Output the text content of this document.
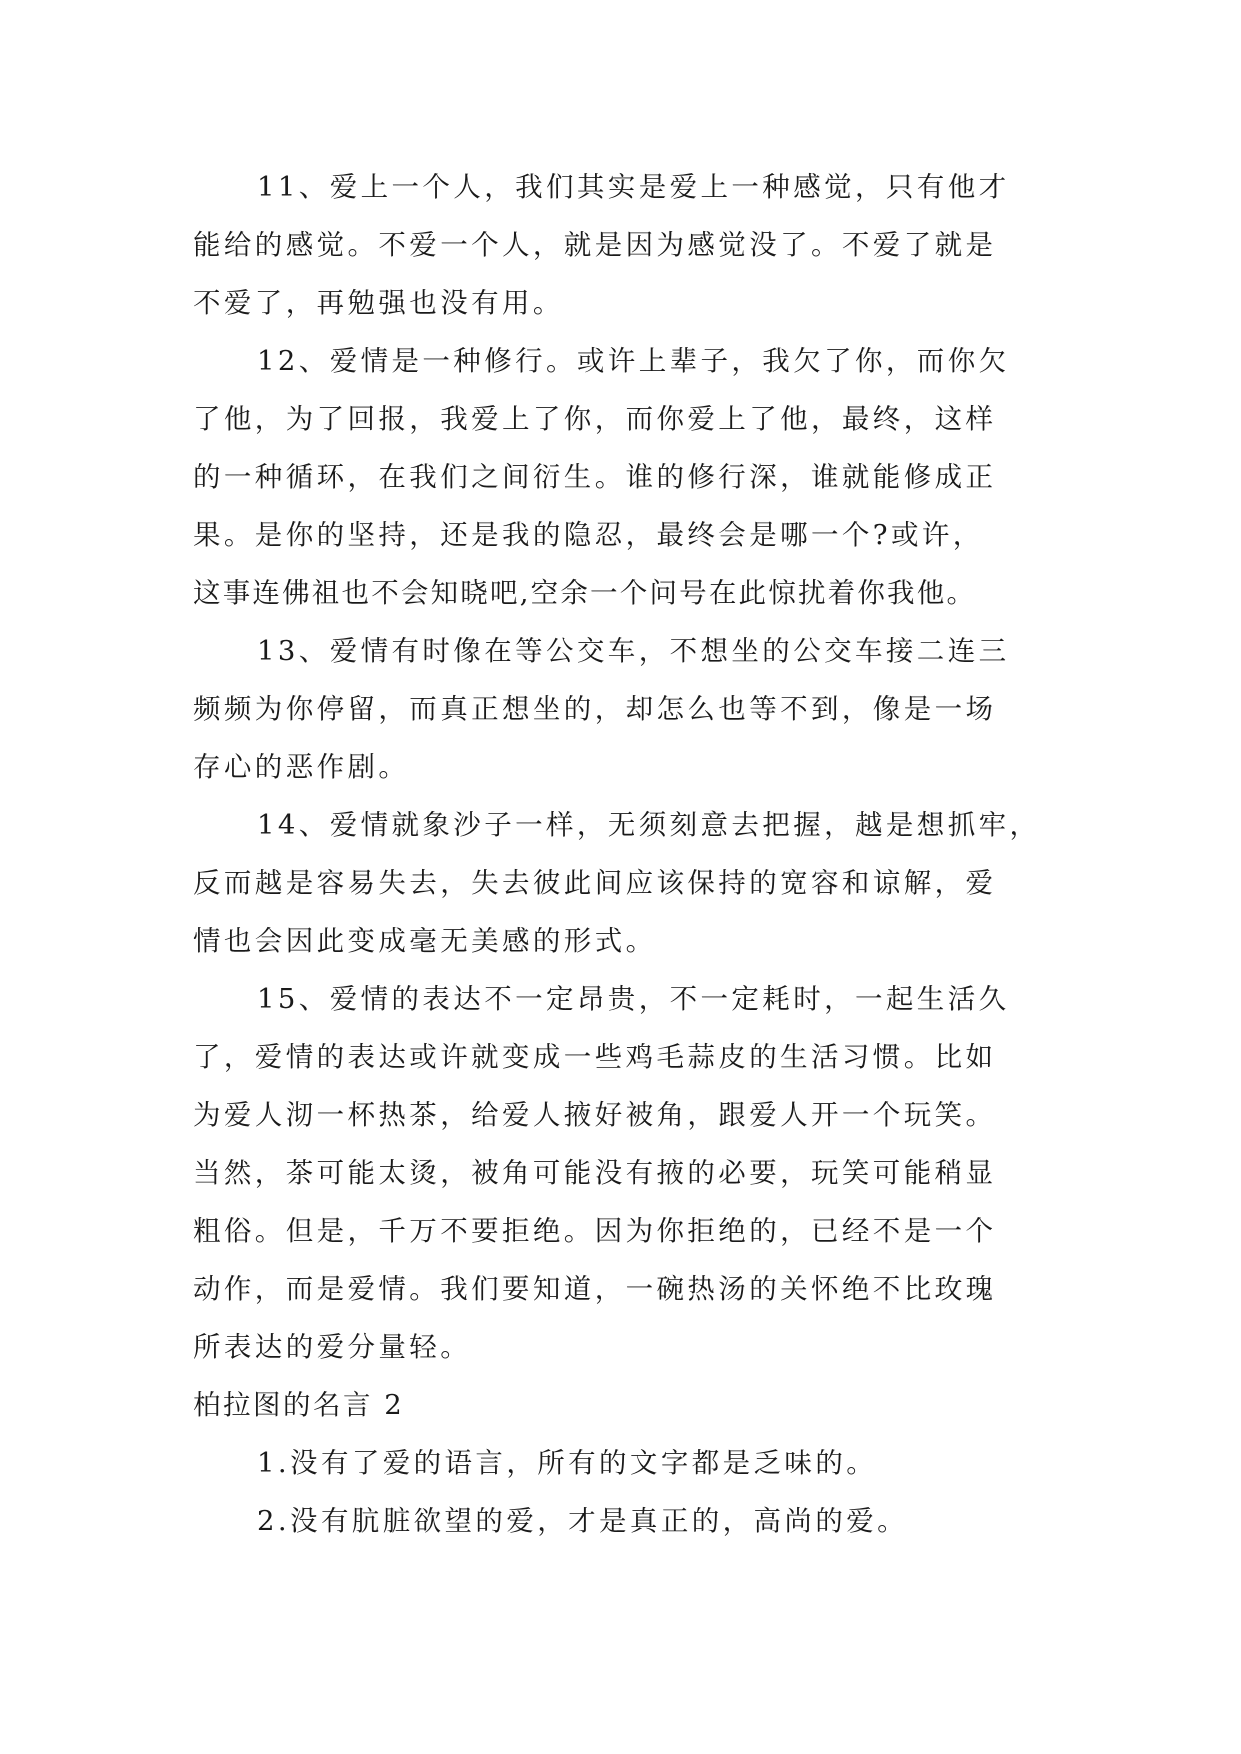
11、爱上一个人，我们其实是爱上一种感觉，只有他才
能给的感觉。不爱一个人，就是因为感觉没了。不爱了就是
不爱了，再勉强也没有用。
12、爱情是一种修行。或许上辈子，我欠了你，而你欠
了他，为了回报，我爱上了你，而你爱上了他，最终，这样
的一种循环，在我们之间衍生。谁的修行深，谁就能修成正
果。是你的坚持，还是我的隐忍，最终会是哪一个?或许，
这事连佛祖也不会知晓吧,空余一个问号在此惊扰着你我他。
13、爱情有时像在等公交车，不想坐的公交车接二连三
频频为你停留，而真正想坐的，却怎么也等不到，像是一场
存心的恶作剧。
14、爱情就象沙子一样，无须刻意去把握，越是想抓牢，
反而越是容易失去，失去彼此间应该保持的宽容和谅解，爱
情也会因此变成毫无美感的形式。
15、爱情的表达不一定昂贵，不一定耗时，一起生活久
了，爱情的表达或许就变成一些鸡毛蒜皮的生活习惯。比如
为爱人沏一杯热茶，给爱人掖好被角，跟爱人开一个玩笑。
当然，茶可能太烫，被角可能没有掖的必要，玩笑可能稍显
粗俗。但是，千万不要拒绝。因为你拒绝的，已经不是一个
动作，而是爱情。我们要知道，一碗热汤的关怀绝不比玫瑰
所表达的爱分量轻。
柏拉图的名言 2
1.没有了爱的语言，所有的文字都是乏味的。
2.没有肮脏欲望的爱，才是真正的，高尚的爱。
